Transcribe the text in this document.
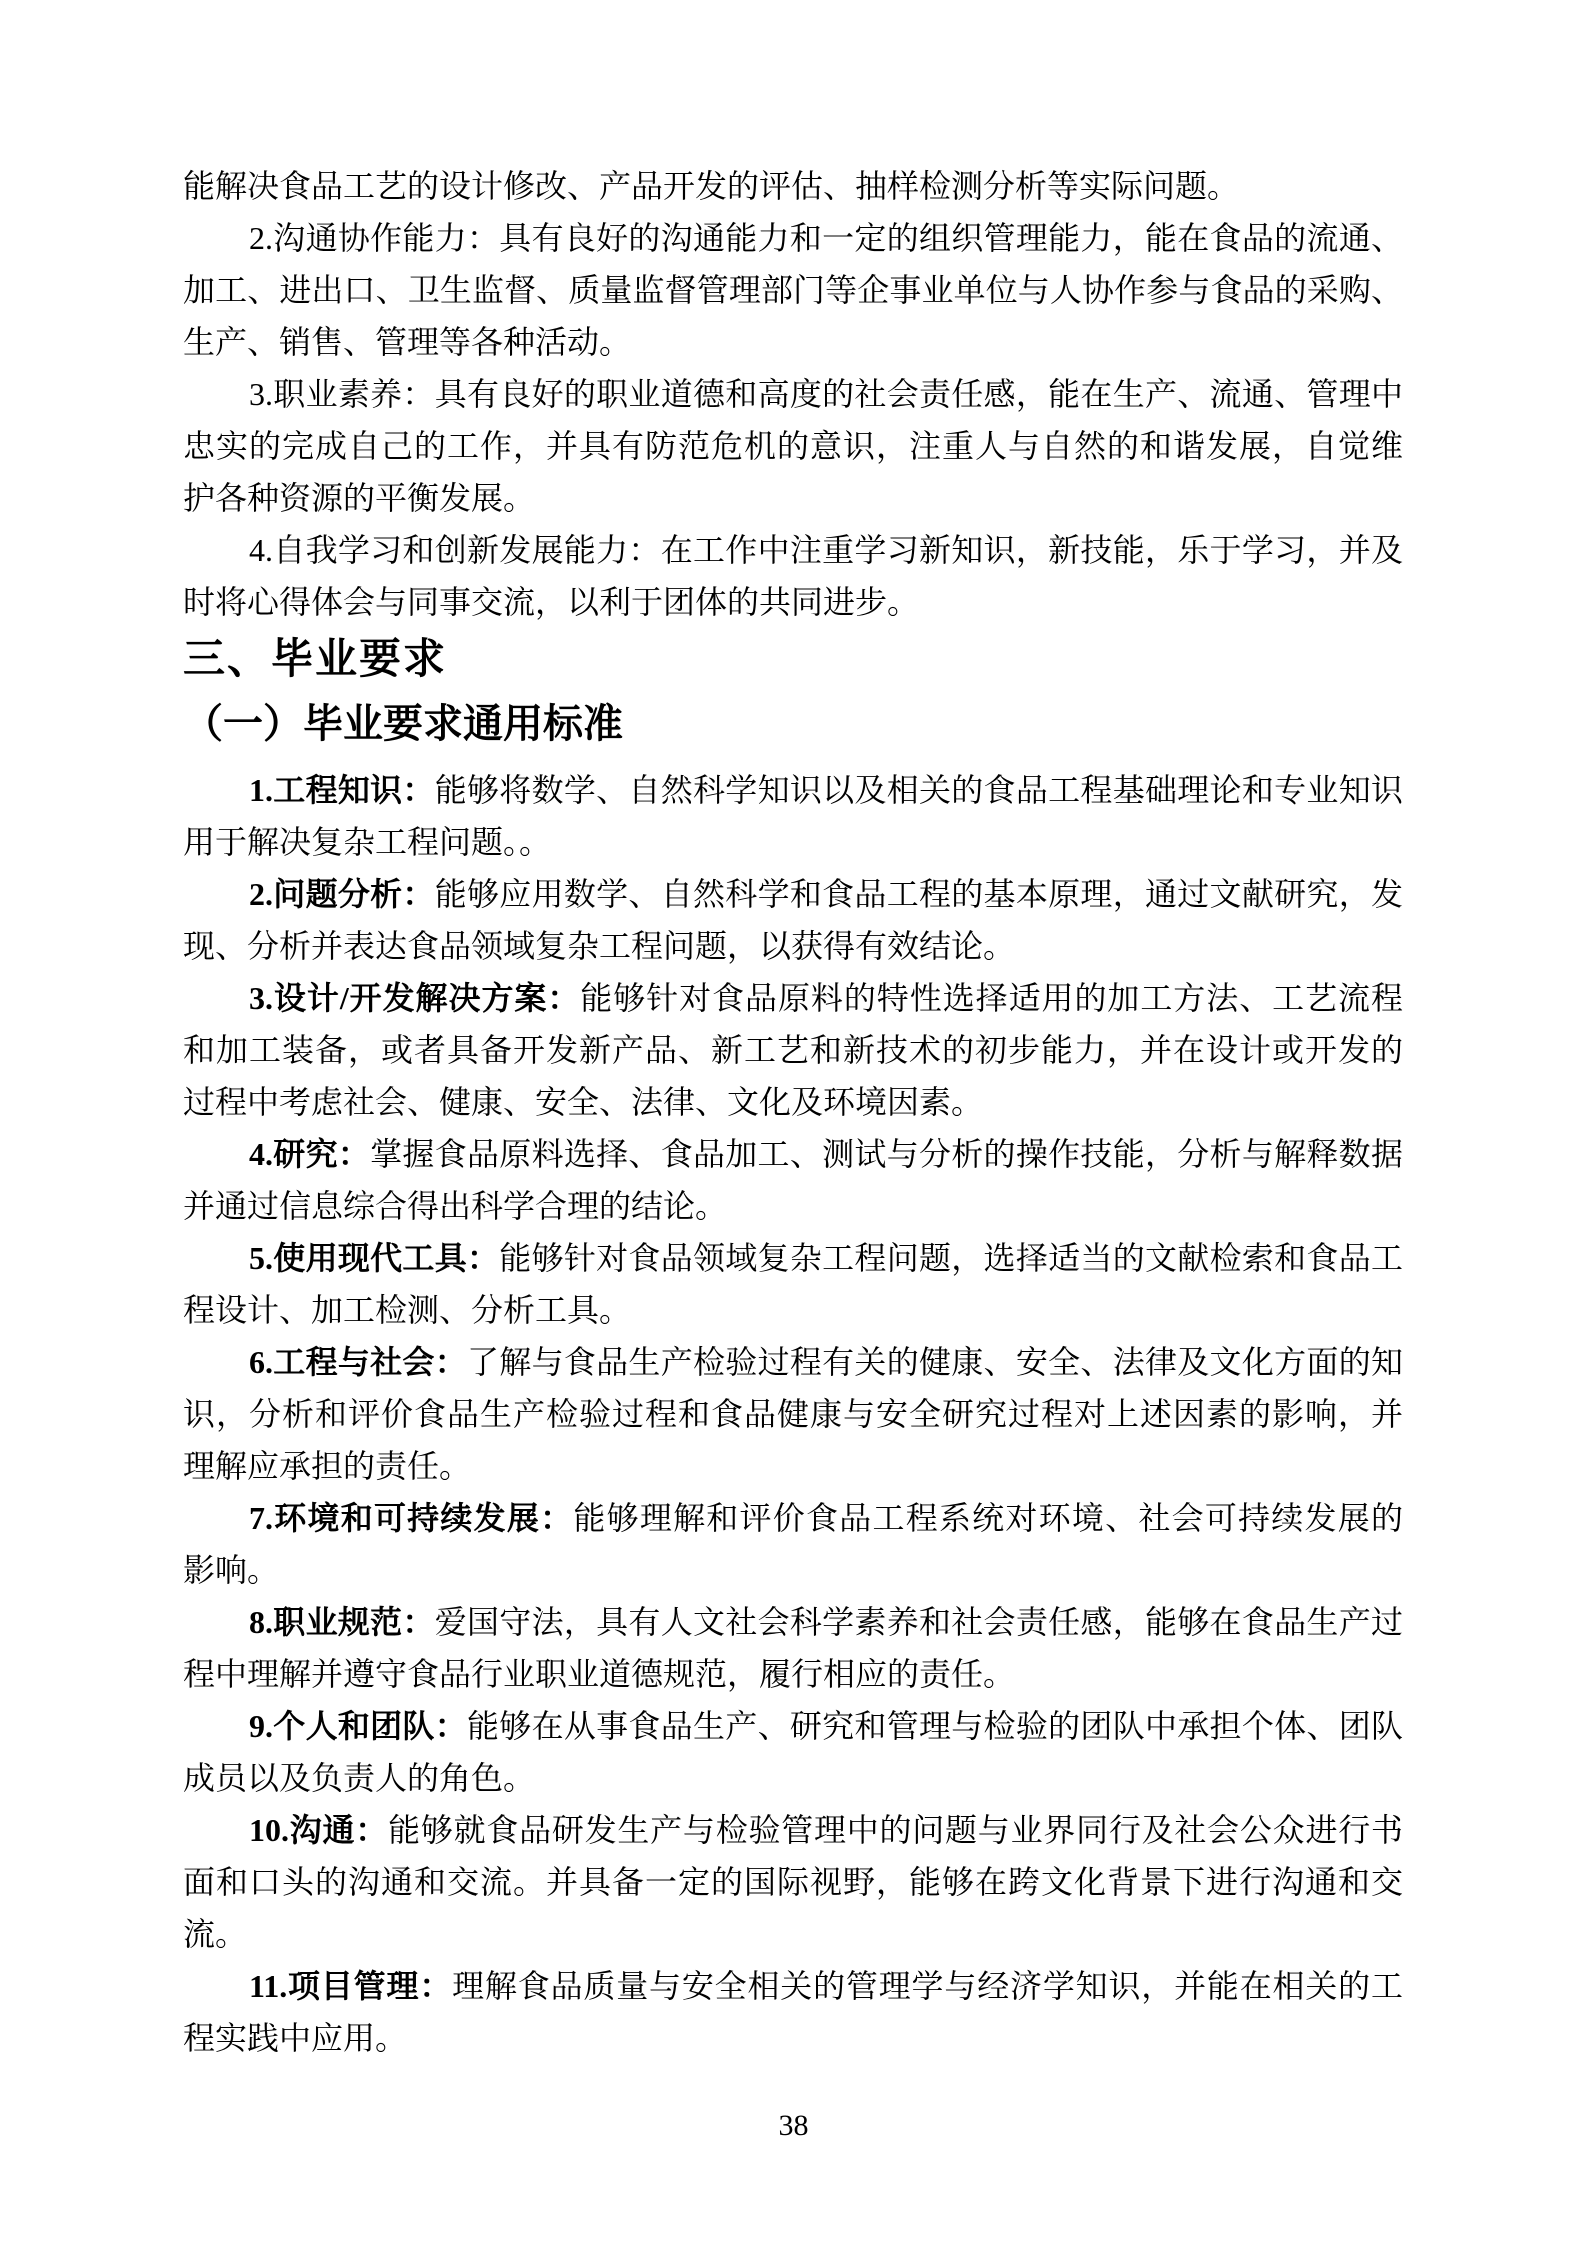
能解决食品工艺的设计修改、产品开发的评估、抽样检测分析等实际问题。
2.沟通协作能力：具有良好的沟通能力和一定的组织管理能力，能在食品的流通、
加工、进出口、卫生监督、质量监督管理部门等企事业单位与人协作参与食品的采购、
生产、销售、管理等各种活动。
3.职业素养：具有良好的职业道德和高度的社会责任感，能在生产、流通、管理中
忠实的完成自己的工作，并具有防范危机的意识，注重人与自然的和谐发展，自觉维
护各种资源的平衡发展。
4.自我学习和创新发展能力：在工作中注重学习新知识，新技能，乐于学习，并及
时将心得体会与同事交流，以利于团体的共同进步。
三、毕业要求
（一）毕业要求通用标准
1.工程知识：能够将数学、自然科学知识以及相关的食品工程基础理论和专业知识
用于解决复杂工程问题。。
2.问题分析：能够应用数学、自然科学和食品工程的基本原理，通过文献研究，发
现、分析并表达食品领域复杂工程问题，以获得有效结论。
3.设计/开发解决方案：能够针对食品原料的特性选择适用的加工方法、工艺流程
和加工装备，或者具备开发新产品、新工艺和新技术的初步能力，并在设计或开发的
过程中考虑社会、健康、安全、法律、文化及环境因素。
4.研究：掌握食品原料选择、食品加工、测试与分析的操作技能，分析与解释数据
并通过信息综合得出科学合理的结论。
5.使用现代工具：能够针对食品领域复杂工程问题，选择适当的文献检索和食品工
程设计、加工检测、分析工具。
6.工程与社会：了解与食品生产检验过程有关的健康、安全、法律及文化方面的知
识，分析和评价食品生产检验过程和食品健康与安全研究过程对上述因素的影响，并
理解应承担的责任。
7.环境和可持续发展：能够理解和评价食品工程系统对环境、社会可持续发展的
影响。
8.职业规范：爱国守法，具有人文社会科学素养和社会责任感，能够在食品生产过
程中理解并遵守食品行业职业道德规范，履行相应的责任。
9.个人和团队：能够在从事食品生产、研究和管理与检验的团队中承担个体、团队
成员以及负责人的角色。
10.沟通：能够就食品研发生产与检验管理中的问题与业界同行及社会公众进行书
面和口头的沟通和交流。并具备一定的国际视野，能够在跨文化背景下进行沟通和交
流。
11.项目管理：理解食品质量与安全相关的管理学与经济学知识，并能在相关的工
程实践中应用。
38
